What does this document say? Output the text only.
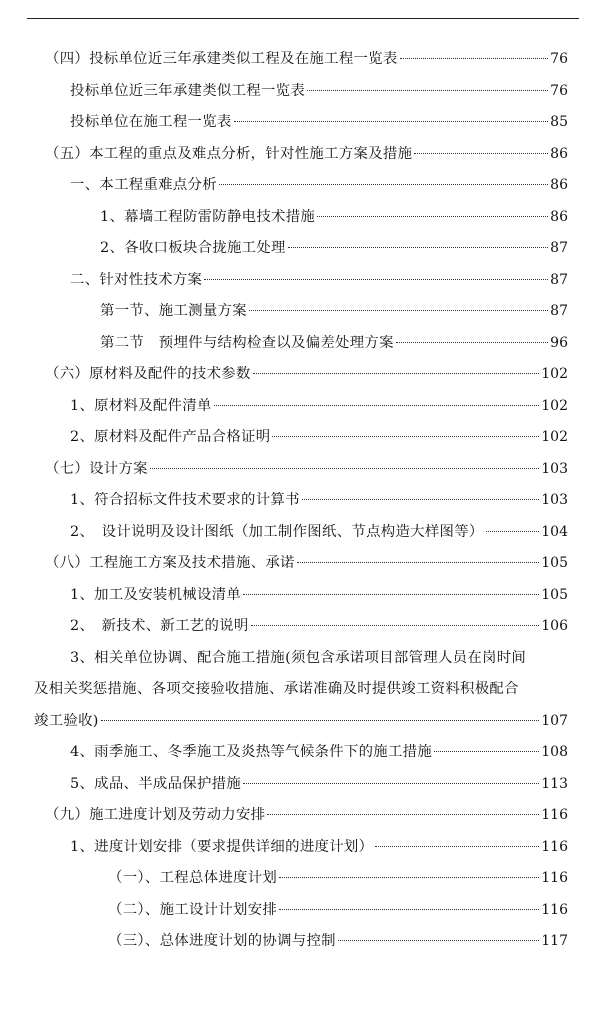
（四）投标单位近三年承建类似工程及在施工程一览表	76
投标单位近三年承建类似工程一览表	76
投标单位在施工程一览表	85
（五）本工程的重点及难点分析，针对性施工方案及措施	86
一、本工程重难点分析	86
1、幕墙工程防雷防静电技术措施	86
2、各收口板块合拢施工处理	87
二、针对性技术方案	87
第一节、施工测量方案	87
第二节　预埋件与结构检查以及偏差处理方案	96
（六）原材料及配件的技术参数	102
1、原材料及配件清单	102
2、原材料及配件产品合格证明	102
（七）设计方案	103
1、符合招标文件技术要求的计算书	103
2、　设计说明及设计图纸（加工制作图纸、节点构造大样图等）	104
（八）工程施工方案及技术措施、承诺	105
1、加工及安装机械设清单	105
2、　新技术、新工艺的说明	106
3、相关单位协调、配合施工措施(须包含承诺项目部管理人员在岗时间
及相关奖惩措施、各项交接验收措施、承诺准确及时提供竣工资料积极配合
竣工验收)	107
4、雨季施工、冬季施工及炎热等气候条件下的施工措施	108
5、成品、半成品保护措施	113
（九）施工进度计划及劳动力安排	116
1、进度计划安排（要求提供详细的进度计划）	116
（一）、工程总体进度计划	116
（二）、施工设计计划安排	116
（三）、总体进度计划的协调与控制	117
